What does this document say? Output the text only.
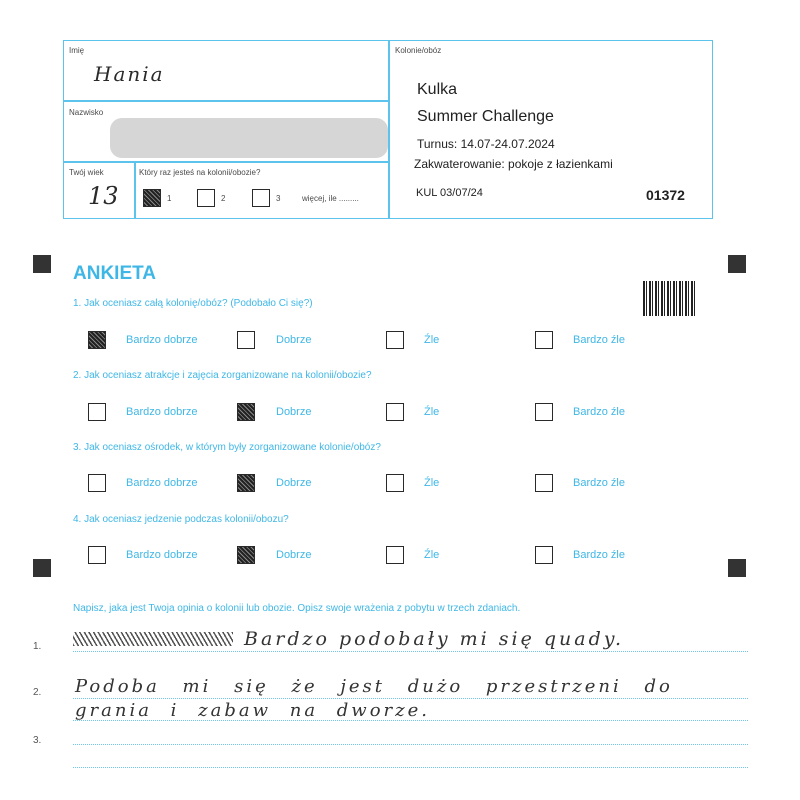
Imię
Hania
Nazwisko
Twój wiek
13
Który raz jesteś na kolonii/obozie?
1	2	3	więcej, ile .........
Kolonie/obóz
Kulka
Summer Challenge
Turnus: 14.07-24.07.2024
Zakwaterowanie: pokoje z łazienkami
KUL 03/07/24	01372
ANKIETA
1. Jak oceniasz całą kolonię/obóz? (Podobało Ci się?)
Bardzo dobrze	Dobrze	Źle	Bardzo źle
2. Jak oceniasz atrakcje i zajęcia zorganizowane na kolonii/obozie?
Bardzo dobrze	Dobrze	Źle	Bardzo źle
3. Jak oceniasz ośrodek, w którym były zorganizowane kolonie/obóz?
Bardzo dobrze	Dobrze	Źle	Bardzo źle
4. Jak oceniasz jedzenie podczas kolonii/obozu?
Bardzo dobrze	Dobrze	Źle	Bardzo źle
Napisz, jaka jest Twoja opinia o kolonii lub obozie. Opisz swoje wrażenia z pobytu w trzech zdaniach.
1.
2.
3.
Bardzo podobały mi się quady.
Podoba mi się że jest dużo przestrzeni do
grania i zabaw na dworze.
